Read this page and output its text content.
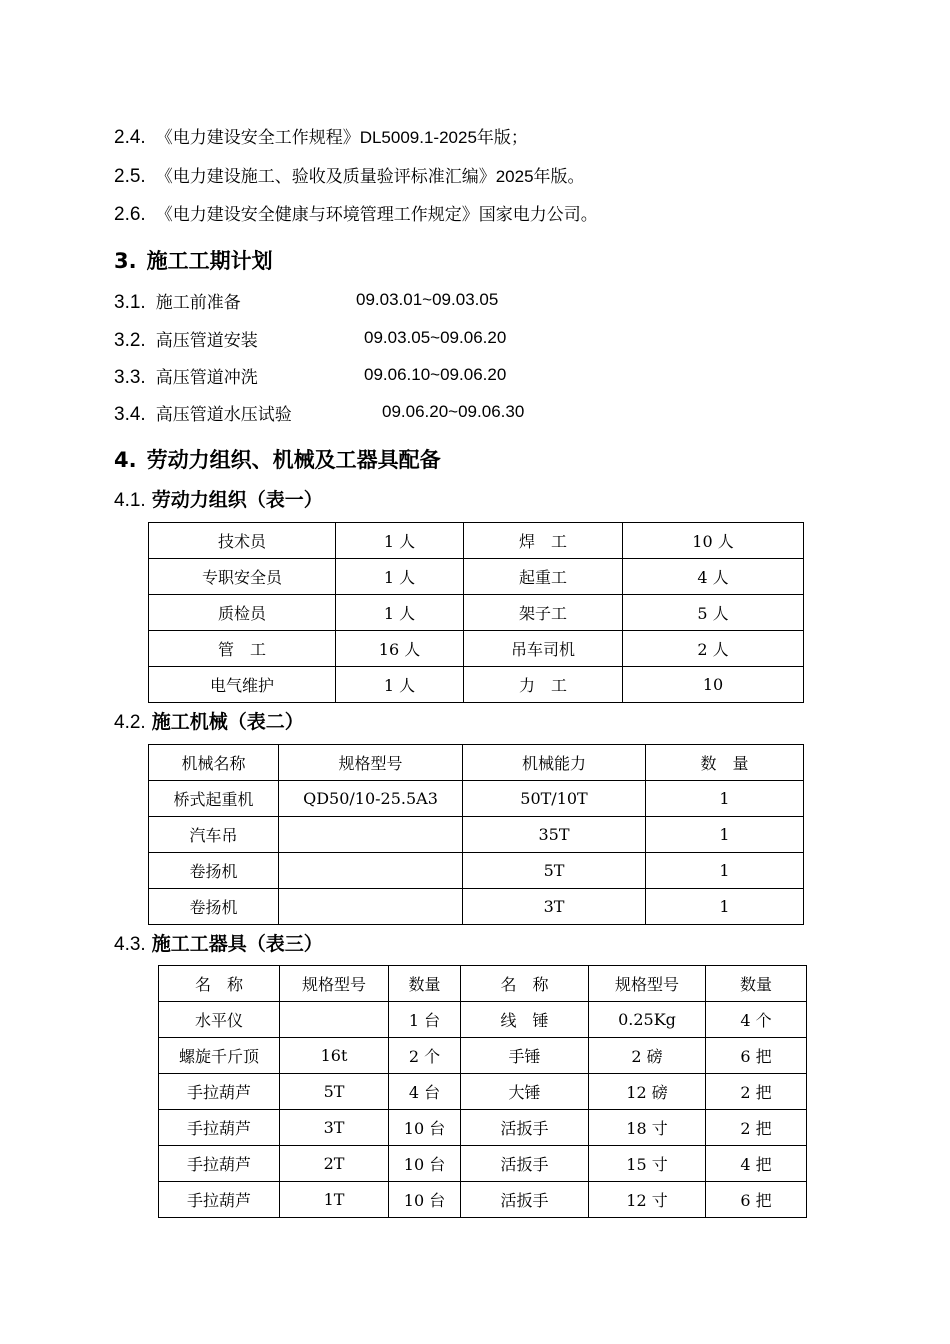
2.4. 《电力建设安全工作规程》 DL5009.1-2025 年版；
2.5. 《电力建设施工、验收及质量验评标准汇编》 2025 年版。
2.6. 《电力建设安全健康与环境管理工作规定》国家电力公司。
3. 施工工期计划
3.1. 施工前准备	09.03.01~09.03.05
3.2. 高压管道安装	09.03.05~09.06.20
3.3. 高压管道冲洗	09.06.10~09.06.20
3.4. 高压管道水压试验	09.06.20~09.06.30
4. 劳动力组织、机械及工器具配备
4.1. 劳动力组织（表一）
技术员	1 人	焊　工	10 人
专职安全员	1 人	起重工	4 人
质检员	1 人	架子工	5 人
管　工	16 人	吊车司机	2 人
电气维护	1 人	力　工	10
4.2. 施工机械（表二）
机械名称	规格型号	机械能力	数　量
桥式起重机	QD50/10-25.5A3	50T/10T	1
汽车吊		35T	1
卷扬机		5T	1
卷扬机		3T	1
4.3. 施工工器具（表三）
名　称	规格型号	数量	名　称	规格型号	数量
水平仪		1 台	线　锤	0.25Kg	4 个
螺旋千斤顶	16t	2 个	手锤	2 磅	6 把
手拉葫芦	5T	4 台	大锤	12 磅	2 把
手拉葫芦	3T	10 台	活扳手	18 寸	2 把
手拉葫芦	2T	10 台	活扳手	15 寸	4 把
手拉葫芦	1T	10 台	活扳手	12 寸	6 把
